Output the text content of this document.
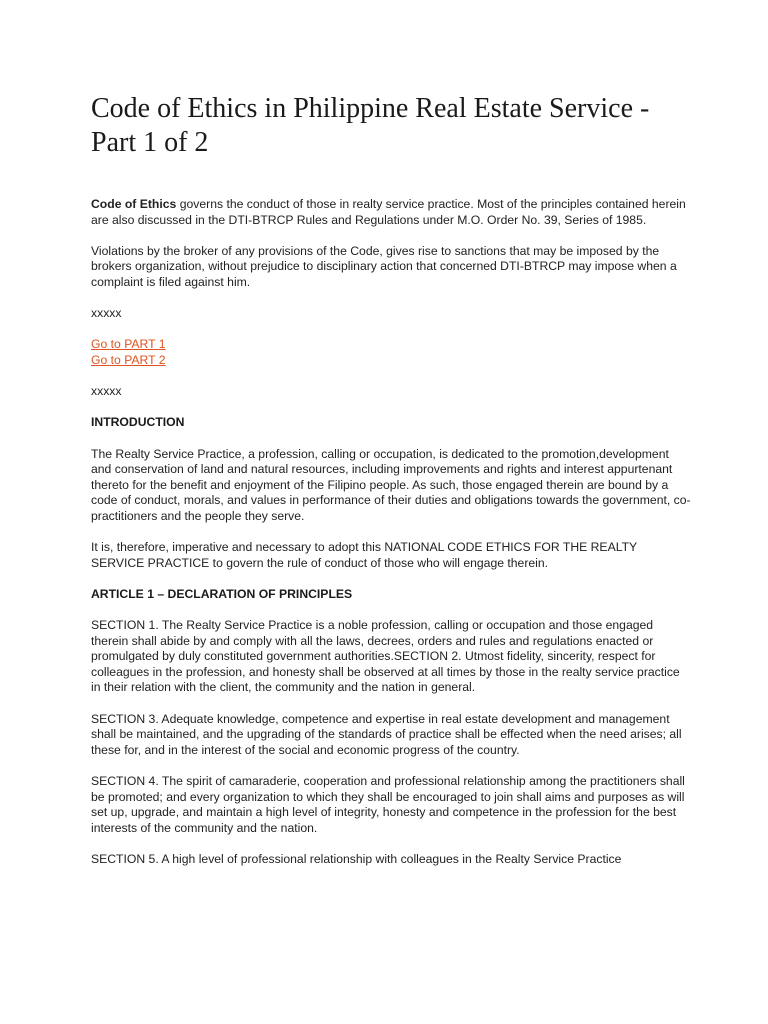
Code of Ethics in Philippine Real Estate Service - Part 1 of 2

Code of Ethics governs the conduct of those in realty service practice. Most of the principles contained herein are also discussed in the DTI-BTRCP Rules and Regulations under M.O. Order No. 39, Series of 1985.

Violations by the broker of any provisions of the Code, gives rise to sanctions that may be imposed by the brokers organization, without prejudice to disciplinary action that concerned DTI-BTRCP may impose when a complaint is filed against him.

xxxxx

Go to PART 1
Go to PART 2

xxxxx

INTRODUCTION

The Realty Service Practice, a profession, calling or occupation, is dedicated to the promotion,development and conservation of land and natural resources, including improvements and rights and interest appurtenant thereto for the benefit and enjoyment of the Filipino people. As such, those engaged therein are bound by a code of conduct, morals, and values in performance of their duties and obligations towards the government, co-practitioners and the people they serve.

It is, therefore, imperative and necessary to adopt this NATIONAL CODE ETHICS FOR THE REALTY SERVICE PRACTICE to govern the rule of conduct of those who will engage therein.

ARTICLE 1 – DECLARATION OF PRINCIPLES

SECTION 1. The Realty Service Practice is a noble profession, calling or occupation and those engaged therein shall abide by and comply with all the laws, decrees, orders and rules and regulations enacted or promulgated by duly constituted government authorities.SECTION 2. Utmost fidelity, sincerity, respect for colleagues in the profession, and honesty shall be observed at all times by those in the realty service practice in their relation with the client, the community and the nation in general.

SECTION 3. Adequate knowledge, competence and expertise in real estate development and management shall be maintained, and the upgrading of the standards of practice shall be effected when the need arises; all these for, and in the interest of the social and economic progress of the country.

SECTION 4. The spirit of camaraderie, cooperation and professional relationship among the practitioners shall be promoted; and every organization to which they shall be encouraged to join shall aims and purposes as will set up, upgrade, and maintain a high level of integrity, honesty and competence in the profession for the best interests of the community and the nation.

SECTION 5. A high level of professional relationship with colleagues in the Realty Service Practice
